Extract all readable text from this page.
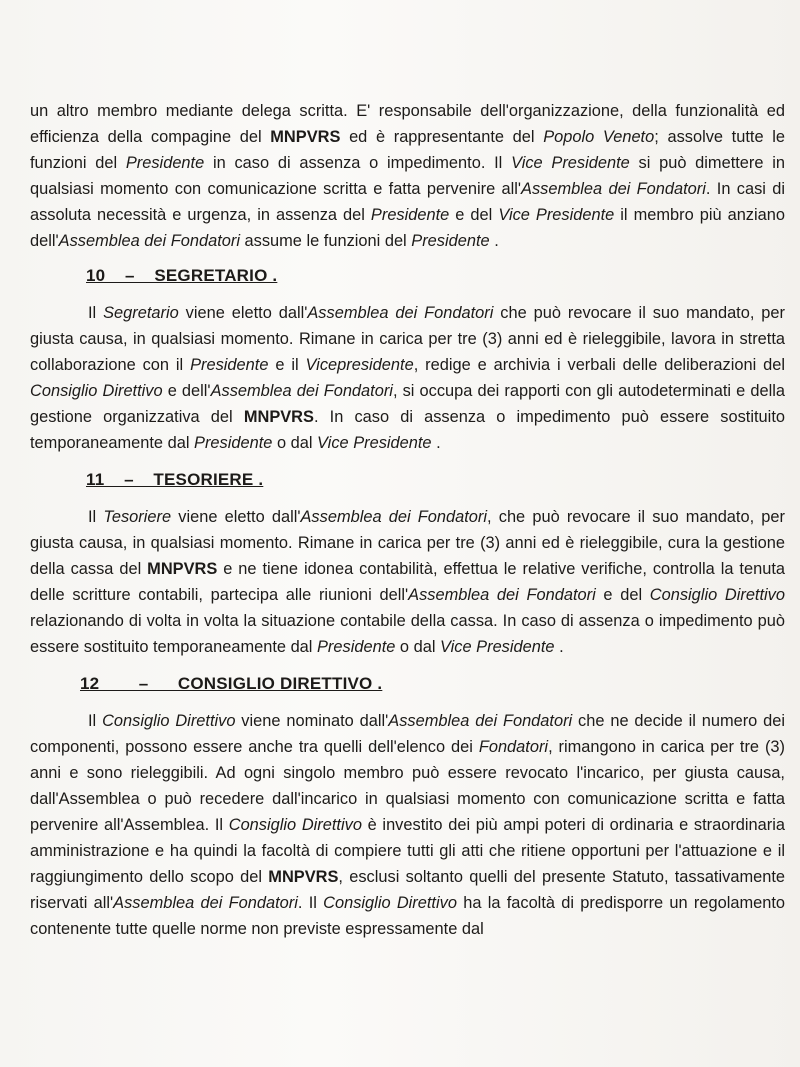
un altro membro mediante delega scritta. E' responsabile dell'organizzazione, della funzionalità ed efficienza della compagine del MNPVRS ed è rappresentante del Popolo Veneto; assolve tutte le funzioni del Presidente in caso di assenza o impedimento. Il Vice Presidente si può dimettere in qualsiasi momento con comunicazione scritta e fatta pervenire all'Assemblea dei Fondatori. In casi di assoluta necessità e urgenza, in assenza del Presidente e del Vice Presidente il membro più anziano dell'Assemblea dei Fondatori assume le funzioni del Presidente .

10    –    SEGRETARIO .

Il Segretario viene eletto dall'Assemblea dei Fondatori che può revocare il suo mandato, per giusta causa, in qualsiasi momento. Rimane in carica per tre (3) anni ed è rieleggibile, lavora in stretta collaborazione con il Presidente e il Vicepresidente, redige e archivia i verbali delle deliberazioni del Consiglio Direttivo e dell'Assemblea dei Fondatori, si occupa dei rapporti con gli autodeterminati e della gestione organizzativa del MNPVRS. In caso di assenza o impedimento può essere sostituito temporaneamente dal Presidente o dal Vice Presidente .

11    –    TESORIERE .

Il Tesoriere viene eletto dall'Assemblea dei Fondatori, che può revocare il suo mandato, per giusta causa, in qualsiasi momento. Rimane in carica per tre (3) anni ed è rieleggibile, cura la gestione della cassa del MNPVRS e ne tiene idonea contabilità, effettua le relative verifiche, controlla la tenuta delle scritture contabili, partecipa alle riunioni dell'Assemblea dei Fondatori e del Consiglio Direttivo relazionando di volta in volta la situazione contabile della cassa. In caso di assenza o impedimento può essere sostituito temporaneamente dal Presidente o dal Vice Presidente .

12        –      CONSIGLIO DIRETTIVO .

Il Consiglio Direttivo viene nominato dall'Assemblea dei Fondatori che ne decide il numero dei componenti, possono essere anche tra quelli dell'elenco dei Fondatori, rimangono in carica per tre (3) anni e sono rieleggibili. Ad ogni singolo membro può essere revocato l'incarico, per giusta causa, dall'Assemblea o può recedere dall'incarico in qualsiasi momento con comunicazione scritta e fatta pervenire all'Assemblea. Il Consiglio Direttivo è investito dei più ampi poteri di ordinaria e straordinaria amministrazione e ha quindi la facoltà di compiere tutti gli atti che ritiene opportuni per l'attuazione e il raggiungimento dello scopo del MNPVRS, esclusi soltanto quelli del presente Statuto, tassativamente riservati all'Assemblea dei Fondatori. Il Consiglio Direttivo ha la facoltà di predisporre un regolamento contenente tutte quelle norme non previste espressamente dal
